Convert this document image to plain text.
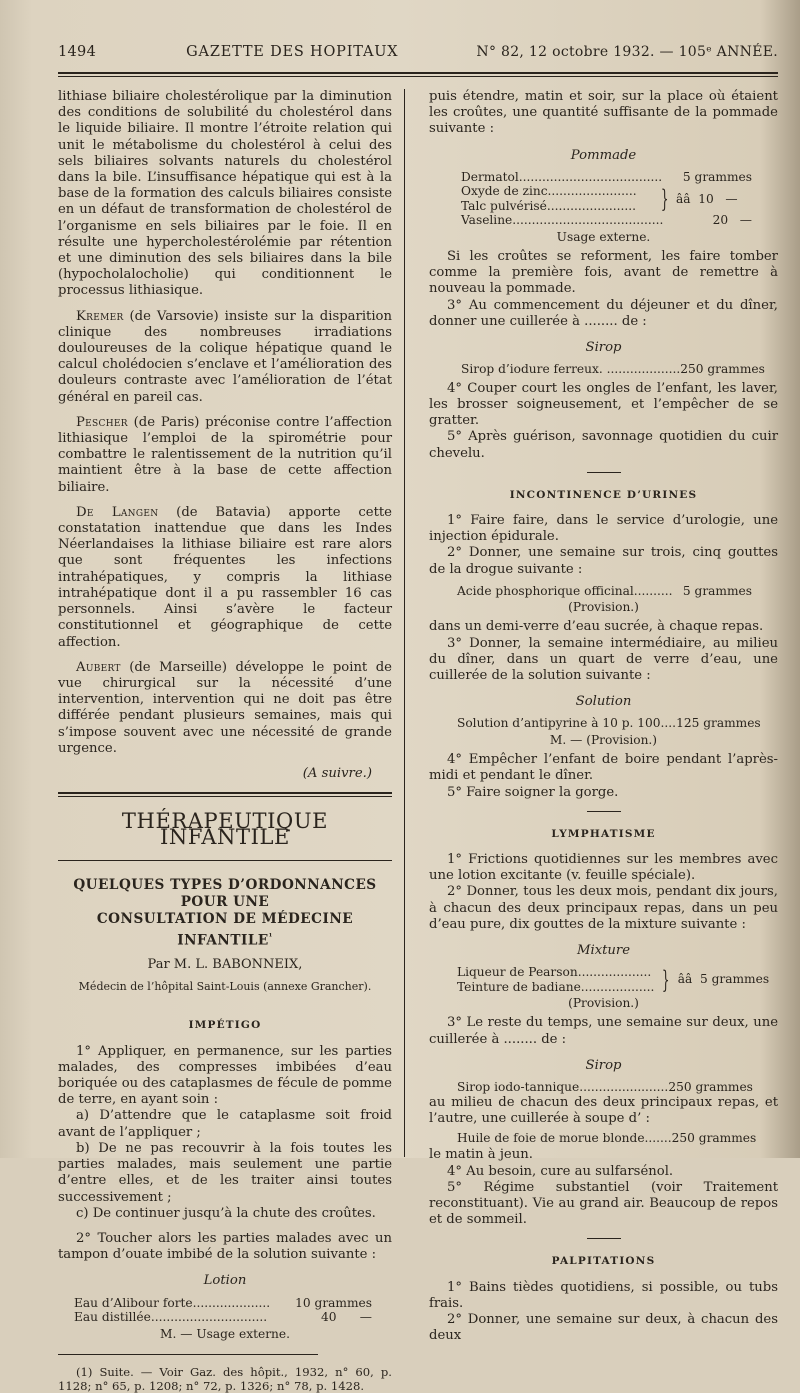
1494	GAZETTE DES HOPITAUX	N° 82, 12 octobre 1932. — 105ᵉ ANNÉE.

lithiase biliaire cholestérolique par la diminution des conditions de solubilité du cholestérol dans le liquide biliaire. Il montre l’étroite relation qui unit le métabolisme du cholestérol à celui des sels biliaires solvants naturels du cholestérol dans la bile. L’insuffisance hépatique qui est à la base de la formation des calculs biliaires consiste en un défaut de transformation de cholestérol de l’organisme en sels biliaires par le foie. Il en résulte une hypercholestérolémie par rétention et une diminution des sels biliaires dans la bile (hypocholalocholie) qui conditionnent le processus lithiasique.

Kremer (de Varsovie) insiste sur la disparition clinique des nombreuses irradiations douloureuses de la colique hépatique quand le calcul cholédocien s’enclave et l’amélioration des douleurs contraste avec l’amélioration de l’état général en pareil cas.

Pescher (de Paris) préconise contre l’affection lithiasique l’emploi de la spirométrie pour combattre le ralentissement de la nutrition qu’il maintient être à la base de cette affection biliaire.

De Langen (de Batavia) apporte cette constatation inattendue que dans les Indes Néerlandaises la lithiase biliaire est rare alors que sont fréquentes les infections intrahépatiques, y compris la lithiase intrahépatique dont il a pu rassembler 16 cas personnels. Ainsi s’avère le facteur constitutionnel et géographique de cette affection.

Aubert (de Marseille) développe le point de vue chirurgical sur la nécessité d’une intervention, intervention qui ne doit pas être différée pendant plusieurs semaines, mais qui s’impose souvent avec une nécessité de grande urgence.

(A suivre.)

THÉRAPEUTIQUE INFANTILE
QUELQUES TYPES D’ORDONNANCES
POUR UNE
CONSULTATION DE MÉDECINE $INFANTILE^{^1}$
Par M. L. BABONNEIX,
Médecin de l’hôpital Saint-Louis (annexe Grancher).
IMPÉTIGO

1° Appliquer, en permanence, sur les parties malades, des compresses imbibées d’eau boriquée ou des cataplasmes de fécule de pomme de terre, en ayant soin :

a) D’attendre que le cataplasme soit froid avant de l’appliquer ;

b) De ne pas recouvrir à la fois toutes les parties malades, mais seulement une partie d’entre elles, et de les traiter ainsi toutes successivement ;

c) De continuer jusqu’à la chute des croûtes.

2° Toucher alors les parties malades avec un tampon d’ouate imbibé de la solution suivante :

Lotion
Eau d’Alibour forte....................	10 grammes
Eau distillée..............................	40      —
M. — Usage externe.

(1) Suite. — Voir Gaz. des hôpit., 1932, n° 60, p. 1128; n° 65, p. 1208; n° 72, p. 1326; n° 78, p. 1428.

puis étendre, matin et soir, sur la place où étaient les croûtes, une quantité suffisante de la pommade suivante :

Pommade
Dermatol.....................................	5 grammes
Oxyde de zinc.......................
Talc pulvérisé.......................	} ââ  10   —
Vaseline.......................................	20   —
Usage externe.

Si les croûtes se reforment, les faire tomber comme la première fois, avant de remettre à nouveau la pommade.

3° Au commencement du déjeuner et du dîner, donner une cuillerée à ........ de :

Sirop
Sirop d’iodure ferreux. ................... 250 grammes

4° Couper court les ongles de l’enfant, les laver, les brosser soigneusement, et l’empêcher de se gratter.

5° Après guérison, savonnage quotidien du cuir chevelu.

INCONTINENCE D’URINES

1° Faire faire, dans le service d’urologie, une injection épidurale.

2° Donner, une semaine sur trois, cinq gouttes de la drogue suivante :

Acide phosphorique officinal.......... 5 grammes
(Provision.)

dans un demi-verre d’eau sucrée, à chaque repas.

3° Donner, la semaine intermédiaire, au milieu du dîner, dans un quart de verre d’eau, une cuillerée de la solution suivante :

Solution
Solution d’antipyrine à 10 p. 100.... 125 grammes
M. — (Provision.)

4° Empêcher l’enfant de boire pendant l’après-midi et pendant le dîner.

5° Faire soigner la gorge.

LYMPHATISME

1° Frictions quotidiennes sur les membres avec une lotion excitante (v. feuille spéciale).

2° Donner, tous les deux mois, pendant dix jours, à chacun des deux principaux repas, dans un peu d’eau pure, dix gouttes de la mixture suivante :

Mixture
Liqueur de Pearson...................
Teinture de badiane................... } ââ  5 grammes
(Provision.)

3° Le reste du temps, une semaine sur deux, une cuillerée à ........ de :

Sirop
Sirop iodo-tannique....................... 250 grammes

au milieu de chacun des deux principaux repas, et l’autre, une cuillerée à soupe d’ :

Huile de foie de morue blonde....... 250 grammes

le matin à jeun.

4° Au besoin, cure au sulfarsénol.

5° Régime substantiel (voir Traitement reconstituant). Vie au grand air. Beaucoup de repos et de sommeil.

PALPITATIONS

1° Bains tièdes quotidiens, si possible, ou tubs frais.

2° Donner, une semaine sur deux, à chacun des deux
